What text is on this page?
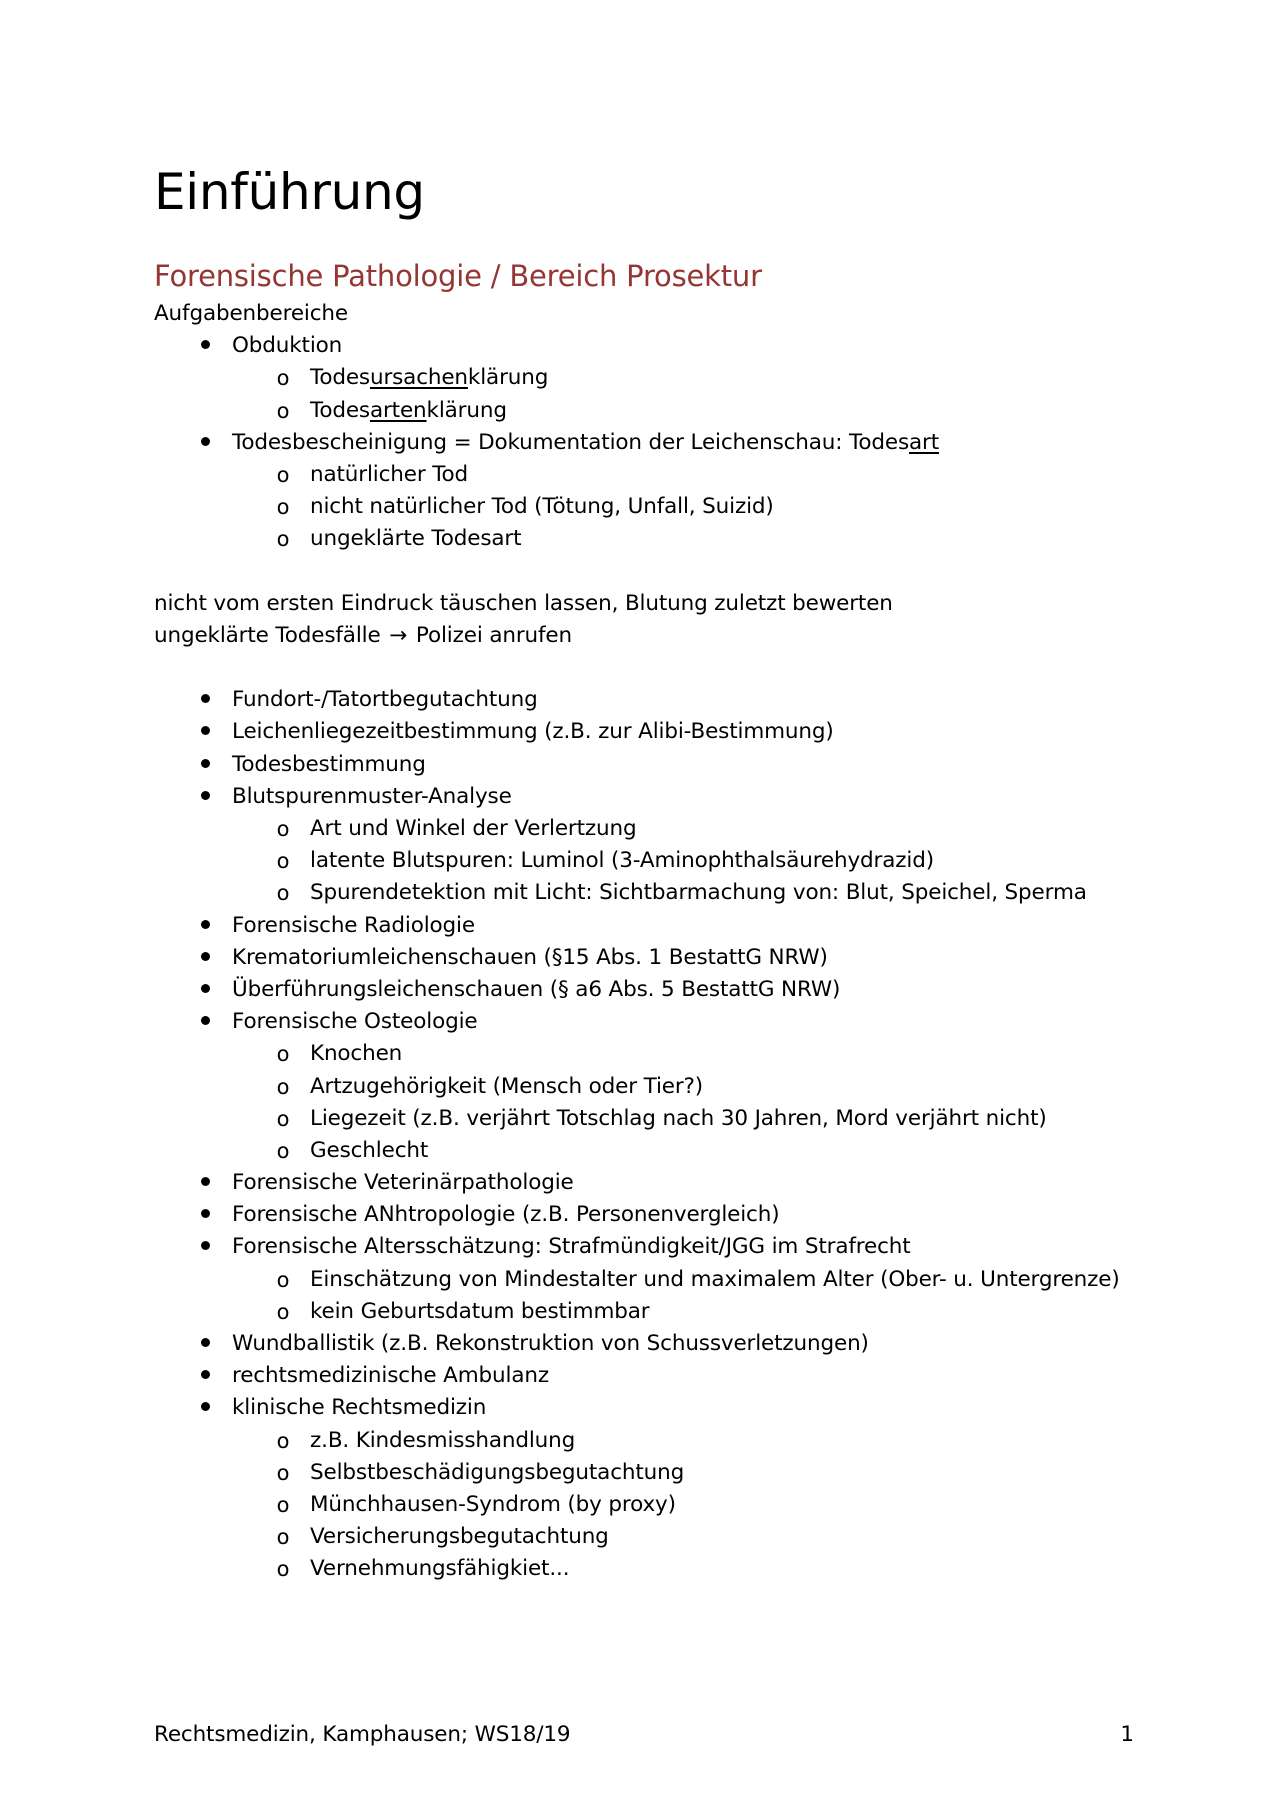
Einführung
Forensische Pathologie / Bereich Prosektur
Aufgabenbereiche
Obduktion
o Todesursachenklärung
o Todesartenklärung
Todesbescheinigung = Dokumentation der Leichenschau: Todesart
o natürlicher Tod
o nicht natürlicher Tod (Tötung, Unfall, Suizid)
o ungeklärte Todesart
nicht vom ersten Eindruck täuschen lassen, Blutung zuletzt bewerten
ungeklärte Todesfälle → Polizei anrufen
Fundort-/Tatortbegutachtung
Leichenliegezeitbestimmung (z.B. zur Alibi-Bestimmung)
Todesbestimmung
Blutspurenmuster-Analyse
o Art und Winkel der Verlertzung
o latente Blutspuren: Luminol (3-Aminophthalsäurehydrazid)
o Spurendetektion mit Licht: Sichtbarmachung von: Blut, Speichel, Sperma
Forensische Radiologie
Krematoriumleichenschauen (§15 Abs. 1 BestattG NRW)
Überführungsleichenschauen (§ a6 Abs. 5 BestattG NRW)
Forensische Osteologie
o Knochen
o Artzugehörigkeit (Mensch oder Tier?)
o Liegezeit (z.B. verjährt Totschlag nach 30 Jahren, Mord verjährt nicht)
o Geschlecht
Forensische Veterinärpathologie
Forensische ANhtropologie (z.B. Personenvergleich)
Forensische Altersschätzung: Strafmündigkeit/JGG im Strafrecht
o Einschätzung von Mindestalter und maximalem Alter (Ober- u. Untergrenze)
o kein Geburtsdatum bestimmbar
Wundballistik (z.B. Rekonstruktion von Schussverletzungen)
rechtsmedizinische Ambulanz
klinische Rechtsmedizin
o z.B. Kindesmisshandlung
o Selbstbeschädigungsbegutachtung
o Münchhausen-Syndrom (by proxy)
o Versicherungsbegutachtung
o Vernehmungsfähigkiet...
Rechtsmedizin, Kamphausen; WS18/19	1
